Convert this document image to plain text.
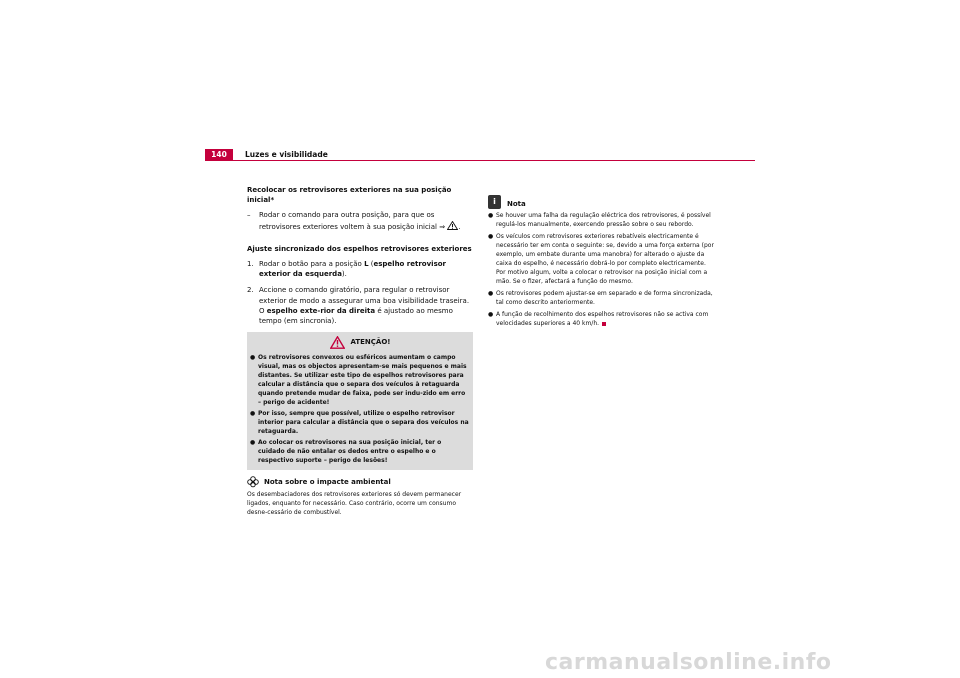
140	Luzes e visibilidade
Recolocar os retrovisores exteriores na sua posição inicial*
– Rodar o comando para outra posição, para que os retrovisores exteriores voltem à sua posição inicial ⇒ .
Ajuste sincronizado dos espelhos retrovisores exteriores
1. Rodar o botão para a posição L (espelho retrovisor exterior da esquerda).
2. Accione o comando giratório, para regular o retrovisor exterior de modo a assegurar uma boa visibilidade traseira. O espelho exte-rior da direita é ajustado ao mesmo tempo (em sincronia).
ATENÇÃO!
● Os retrovisores convexos ou esféricos aumentam o campo visual, mas os objectos apresentam-se mais pequenos e mais distantes. Se utilizar este tipo de espelhos retrovisores para calcular a distância que o separa dos veículos à retaguarda quando pretende mudar de faixa, pode ser indu-zido em erro – perigo de acidente!
● Por isso, sempre que possível, utilize o espelho retrovisor interior para calcular a distância que o separa dos veículos na retaguarda.
● Ao colocar os retrovisores na sua posição inicial, ter o cuidado de não entalar os dedos entre o espelho e o respectivo suporte – perigo de lesões!
Nota sobre o impacte ambiental
Os desembaciadores dos retrovisores exteriores só devem permanecer ligados, enquanto for necessário. Caso contrário, ocorre um consumo desne-cessário de combustível.
i	Nota
● Se houver uma falha da regulação eléctrica dos retrovisores, é possível regulá-los manualmente, exercendo pressão sobre o seu rebordo.
● Os veículos com retrovisores exteriores rebatíveis electricamente é necessário ter em conta o seguinte: se, devido a uma força externa (por exemplo, um embate durante uma manobra) for alterado o ajuste da caixa do espelho, é necessário dobrá-lo por completo electricamente. Por motivo algum, volte a colocar o retrovisor na posição inicial com a mão. Se o fizer, afectará a função do mesmo.
● Os retrovisores podem ajustar-se em separado e de forma sincronizada, tal como descrito anteriormente.
● A função de recolhimento dos espelhos retrovisores não se activa com velocidades superiores a 40 km/h.
carmanualsonline.info
